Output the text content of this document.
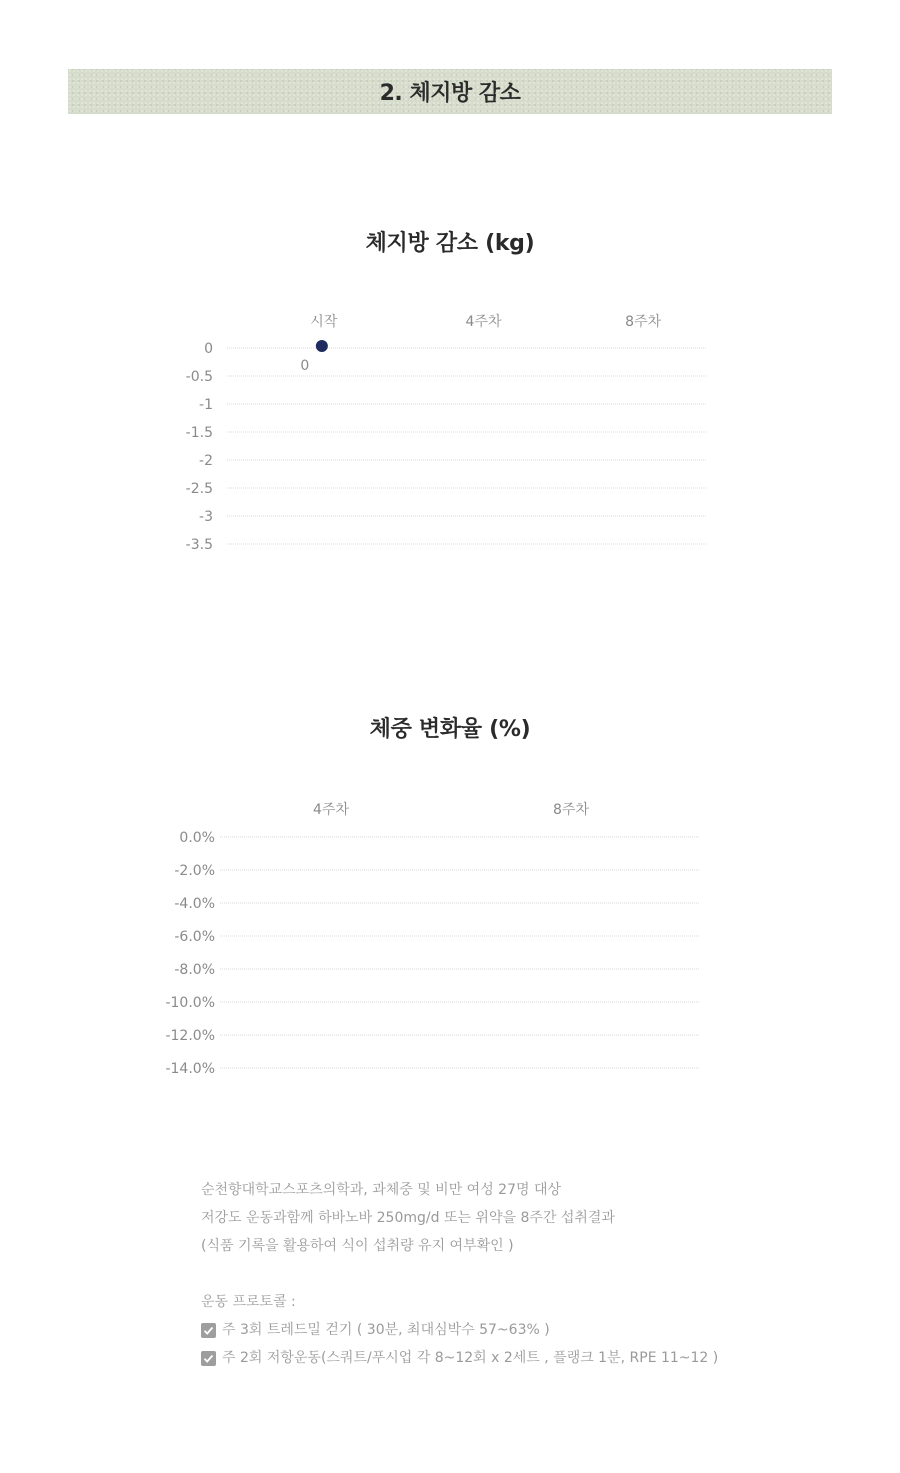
2. 체지방 감소
체지방 감소 (kg)
0
-0.5
-1
-1.5
-2
-2.5
-3
-3.5
시작	4주차	8주차
0
체중 변화율 (%)
0.0%
-2.0%
-4.0%
-6.0%
-8.0%
-10.0%
-12.0%
-14.0%
4주차	8주차
순천향대학교스포츠의학과, 과체중 및 비만 여성 27명 대상
저강도 운동과함께 하바노바 250mg/d 또는 위약을 8주간 섭취결과
(식품 기록을 활용하여 식이 섭취량 유지 여부확인 )
운동 프로토콜 :
주 3회 트레드밀 걷기 ( 30분, 최대심박수 57~63% )
주 2회 저항운동(스쿼트/푸시업 각 8~12회 x 2세트 , 플랭크 1분, RPE 11~12 )
